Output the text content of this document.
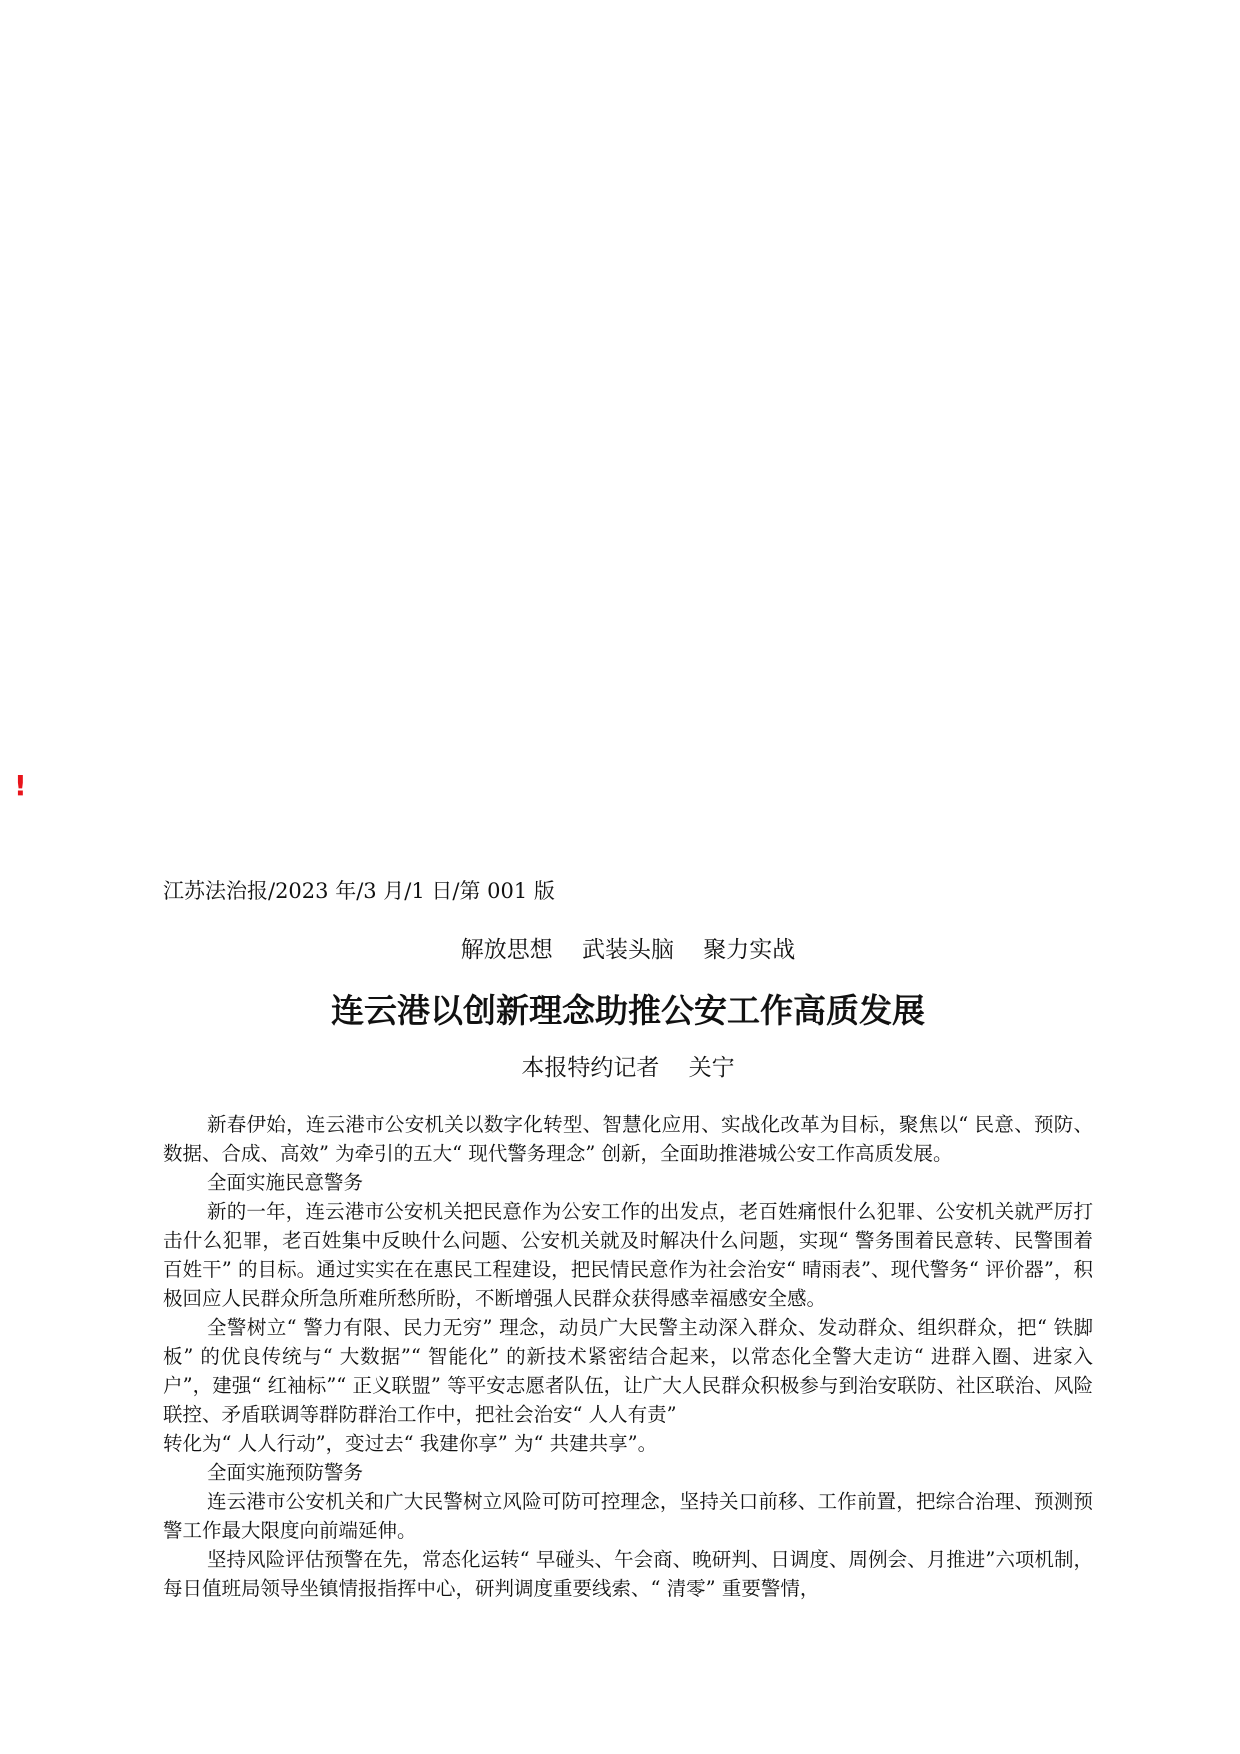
!
江苏法治报/2023 年/3 月/1 日/第 001 版
解放思想    武装头脑    聚力实战
连云港以创新理念助推公安工作高质发展
本报特约记者    关宁

新春伊始，连云港市公安机关以数字化转型、智慧化应用、实战化改革为目标，聚焦以“ 民意、预防、数据、合成、高效” 为牵引的五大“ 现代警务理念” 创新，全面助推港城公安工作高质发展。

全面实施民意警务

新的一年，连云港市公安机关把民意作为公安工作的出发点，老百姓痛恨什么犯罪、公安机关就严厉打击什么犯罪，老百姓集中反映什么问题、公安机关就及时解决什么问题，实现“ 警务围着民意转、民警围着百姓干” 的目标。通过实实在在惠民工程建设，把民情民意作为社会治安“ 晴雨表”、现代警务“ 评价器”，积极回应人民群众所急所难所愁所盼，不断增强人民群众获得感幸福感安全感。

全警树立“ 警力有限、民力无穷” 理念，动员广大民警主动深入群众、发动群众、组织群众，把“ 铁脚板” 的优良传统与“ 大数据”“ 智能化” 的新技术紧密结合起来，以常态化全警大走访“ 进群入圈、进家入户”，建强“ 红袖标”“ 正义联盟” 等平安志愿者队伍，让广大人民群众积极参与到治安联防、社区联治、风险联控、矛盾联调等群防群治工作中，把社会治安“ 人人有责”

转化为“ 人人行动”，变过去“ 我建你享” 为“ 共建共享”。

全面实施预防警务

连云港市公安机关和广大民警树立风险可防可控理念，坚持关口前移、工作前置，把综合治理、预测预警工作最大限度向前端延伸。

坚持风险评估预警在先，常态化运转“ 早碰头、午会商、晚研判、日调度、周例会、月推进”六项机制，每日值班局领导坐镇情报指挥中心，研判调度重要线索、“ 清零” 重要警情，
